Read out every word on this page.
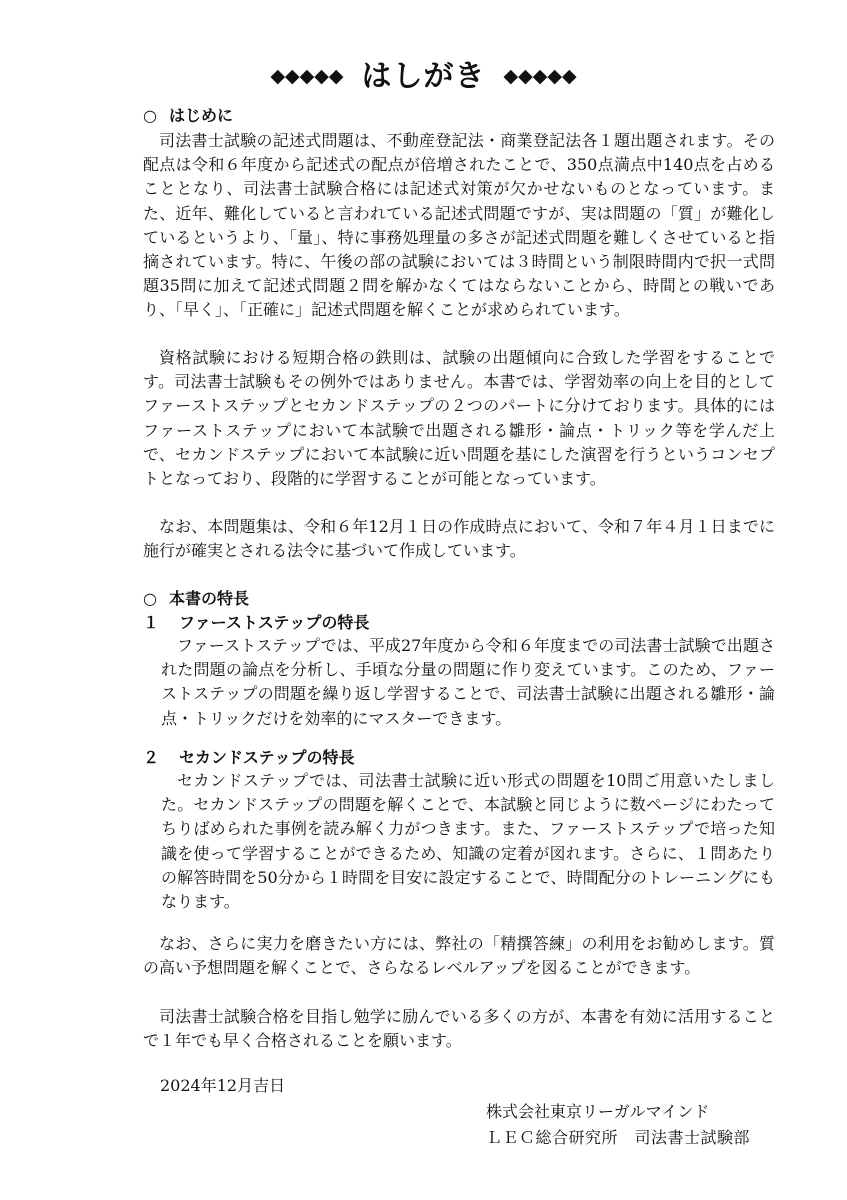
◆◆◆◆◆ はしがき ◆◆◆◆◆
○ はじめに

司法書士試験の記述式問題は、不動産登記法・商業登記法各１題出題されます。その配点は令和６年度から記述式の配点が倍増されたことで、350点満点中140点を占めることとなり、司法書士試験合格には記述式対策が欠かせないものとなっています。また、近年、難化していると言われている記述式問題ですが、実は問題の「質」が難化しているというより、「量」、特に事務処理量の多さが記述式問題を難しくさせていると指摘されています。特に、午後の部の試験においては３時間という制限時間内で択一式問題35問に加えて記述式問題２問を解かなくてはならないことから、時間との戦いであり、「早く」、「正確に」記述式問題を解くことが求められています。

資格試験における短期合格の鉄則は、試験の出題傾向に合致した学習をすることです。司法書士試験もその例外ではありません。本書では、学習効率の向上を目的としてファーストステップとセカンドステップの２つのパートに分けております。具体的にはファーストステップにおいて本試験で出題される雛形・論点・トリック等を学んだ上で、セカンドステップにおいて本試験に近い問題を基にした演習を行うというコンセプトとなっており、段階的に学習することが可能となっています。

なお、本問題集は、令和６年12月１日の作成時点において、令和７年４月１日までに施行が確実とされる法令に基づいて作成しています。

○ 本書の特長
１ ファーストステップの特長

ファーストステップでは、平成27年度から令和６年度までの司法書士試験で出題された問題の論点を分析し、手頃な分量の問題に作り変えています。このため、ファーストステップの問題を繰り返し学習することで、司法書士試験に出題される雛形・論点・トリックだけを効率的にマスターできます。

２ セカンドステップの特長

セカンドステップでは、司法書士試験に近い形式の問題を10問ご用意いたしました。セカンドステップの問題を解くことで、本試験と同じように数ページにわたってちりばめられた事例を読み解く力がつきます。また、ファーストステップで培った知識を使って学習することができるため、知識の定着が図れます。さらに、１問あたりの解答時間を50分から１時間を目安に設定することで、時間配分のトレーニングにもなります。

なお、さらに実力を磨きたい方には、弊社の「精撰答練」の利用をお勧めします。質の高い予想問題を解くことで、さらなるレベルアップを図ることができます。

司法書士試験合格を目指し勉学に励んでいる多くの方が、本書を有効に活用することで１年でも早く合格されることを願います。

2024年12月吉日
株式会社東京リーガルマインド
ＬＥＣ総合研究所　司法書士試験部
